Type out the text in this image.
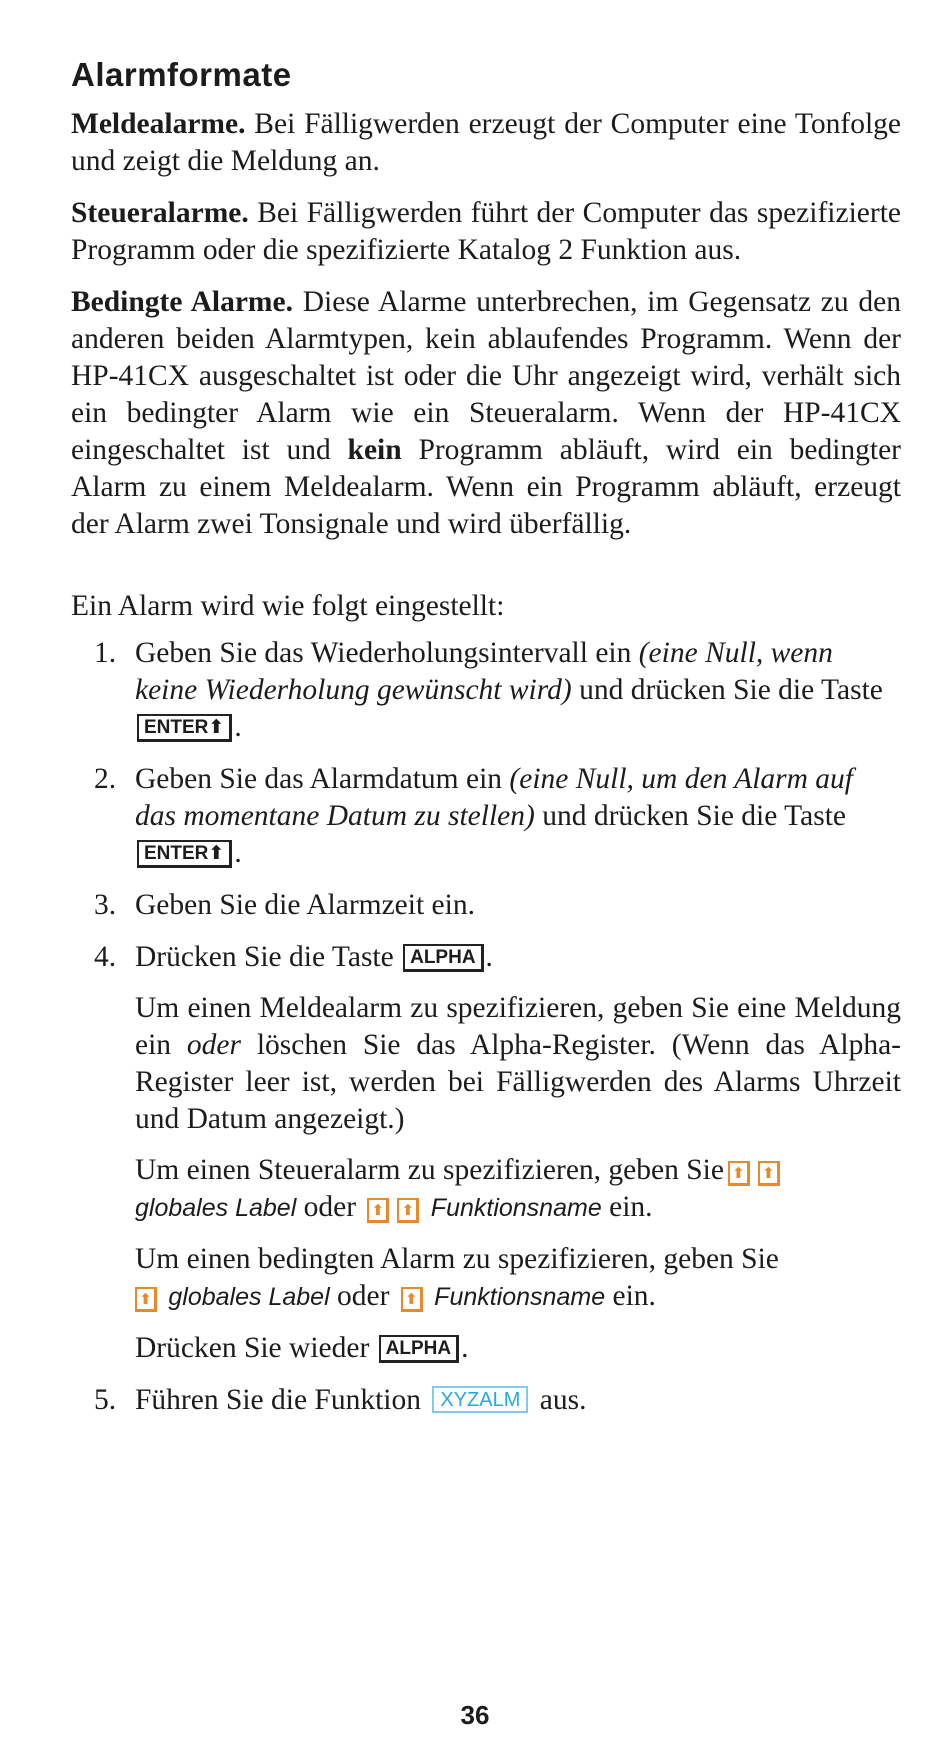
Alarmformate

Meldealarme. Bei Fälligwerden erzeugt der Computer eine Tonfolge und zeigt die Meldung an.

Steueralarme. Bei Fälligwerden führt der Computer das spezifizierte Programm oder die spezifizierte Katalog 2 Funktion aus.

Bedingte Alarme. Diese Alarme unterbrechen, im Gegensatz zu den anderen beiden Alarmtypen, kein ablaufendes Programm. Wenn der HP-41CX ausgeschaltet ist oder die Uhr angezeigt wird, verhält sich ein bedingter Alarm wie ein Steueralarm. Wenn der HP-41CX eingeschaltet ist und kein Programm abläuft, wird ein bedingter Alarm zu einem Meldealarm. Wenn ein Programm abläuft, erzeugt der Alarm zwei Tonsignale und wird überfällig.

Ein Alarm wird wie folgt eingestellt:

1. Geben Sie das Wiederholungsintervall ein (eine Null, wenn keine Wiederholung gewünscht wird) und drücken Sie die Taste ENTER⬆ .
2. Geben Sie das Alarmdatum ein (eine Null, um den Alarm auf das momentane Datum zu stellen) und drücken Sie die Taste ENTER⬆ .
3. Geben Sie die Alarmzeit ein.
4. Drücken Sie die Taste ALPHA .

Um einen Meldealarm zu spezifizieren, geben Sie eine Meldung ein oder löschen Sie das Alpha-Register. (Wenn das Alpha-Register leer ist, werden bei Fälligwerden des Alarms Uhrzeit und Datum angezeigt.)

Um einen Steueralarm zu spezifizieren, geben Sie ⬆ ⬆
globales Label oder ⬆ ⬆ Funktionsname ein.

Um einen bedingten Alarm zu spezifizieren, geben Sie
⬆ globales Label oder ⬆ Funktionsname ein.

Drücken Sie wieder ALPHA .

5. Führen Sie die Funktion XYZALM aus.
36
